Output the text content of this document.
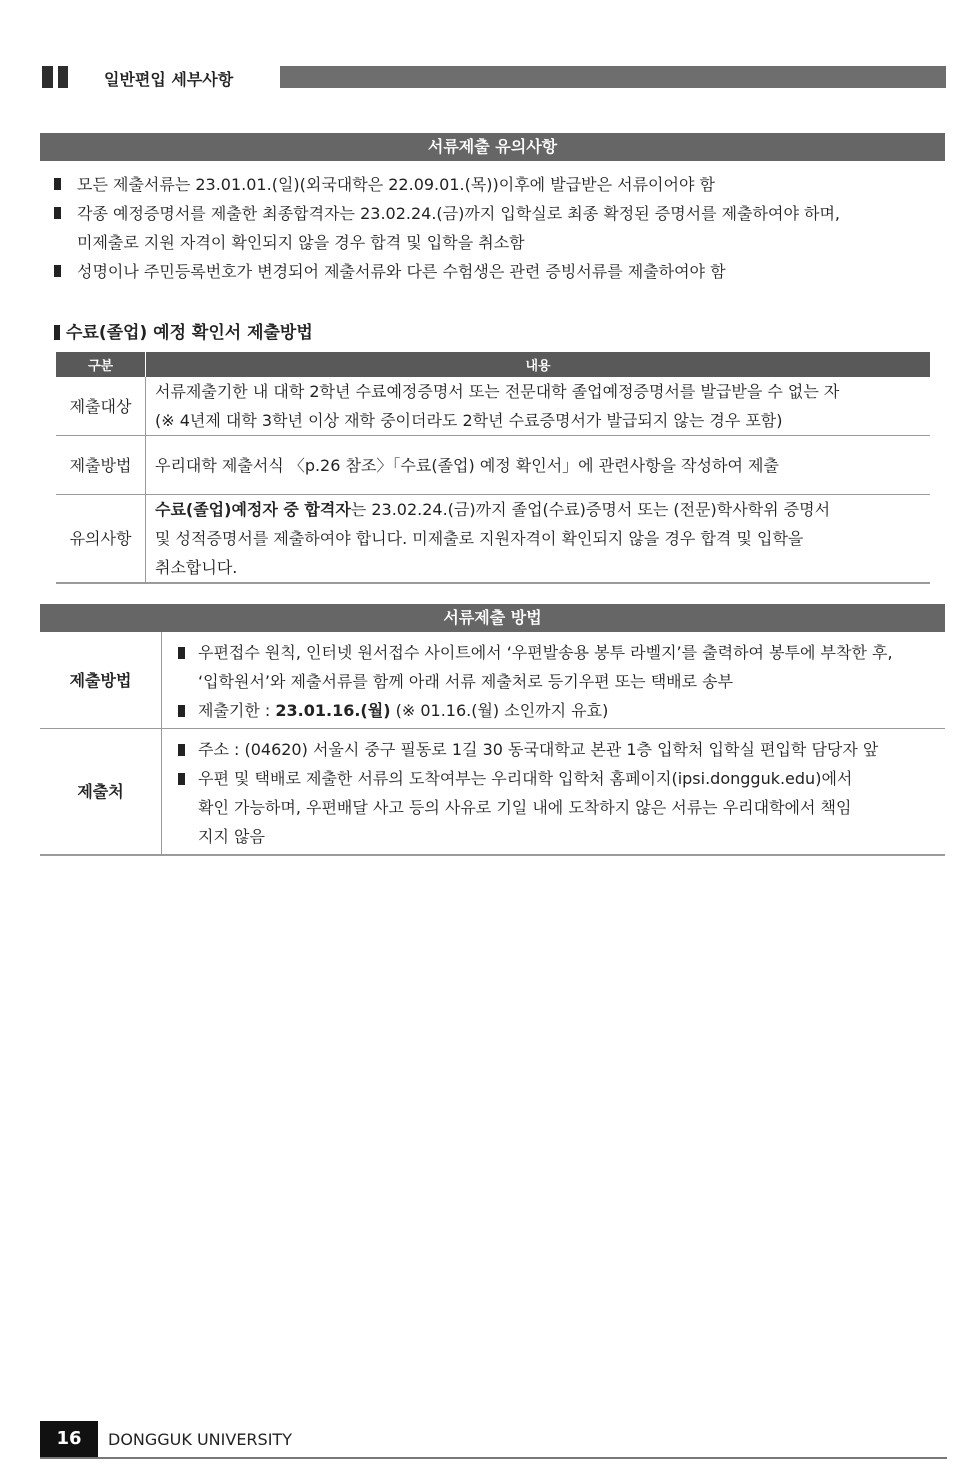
일반편입 세부사항
서류제출 유의사항
모든 제출서류는 23.01.01.(일)(외국대학은 22.09.01.(목))이후에 발급받은 서류이어야 함
각종 예정증명서를 제출한 최종합격자는 23.02.24.(금)까지 입학실로 최종 확정된 증명서를 제출하여야 하며,
미제출로 지원 자격이 확인되지 않을 경우 합격 및 입학을 취소함
성명이나 주민등록번호가 변경되어 제출서류와 다른 수험생은 관련 증빙서류를 제출하여야 함
수료(졸업) 예정 확인서 제출방법
구분	내용
제출대상	서류제출기한 내 대학 2학년 수료예정증명서 또는 전문대학 졸업예정증명서를 발급받을 수 없는 자
(※ 4년제 대학 3학년 이상 재학 중이더라도 2학년 수료증명서가 발급되지 않는 경우 포함)

제출방법	우리대학 제출서식 〈p.26 참조〉「수료(졸업) 예정 확인서」에 관련사항을 작성하여 제출

유의사항	수료(졸업)예정자 중 합격자는 23.02.24.(금)까지 졸업(수료)증명서 또는 (전문)학사학위 증명서
및 성적증명서를 제출하여야 합니다. 미제출로 지원자격이 확인되지 않을 경우 합격 및 입학을
취소합니다.
서류제출 방법
제출방법	우편접수 원칙, 인터넷 원서접수 사이트에서 ‘우편발송용 봉투 라벨지’를 출력하여 봉투에 부착한 후,
‘입학원서’와 제출서류를 함께 아래 서류 제출처로 등기우편 또는 택배로 송부
제출기한 : 23.01.16.(월) (※ 01.16.(월) 소인까지 유효)

제출처	주소 : (04620) 서울시 중구 필동로 1길 30 동국대학교 본관 1층 입학처 입학실 편입학 담당자 앞
우편 및 택배로 제출한 서류의 도착여부는 우리대학 입학처 홈페이지(ipsi.dongguk.edu)에서
확인 가능하며, 우편배달 사고 등의 사유로 기일 내에 도착하지 않은 서류는 우리대학에서 책임
지지 않음
16	DONGGUK UNIVERSITY
